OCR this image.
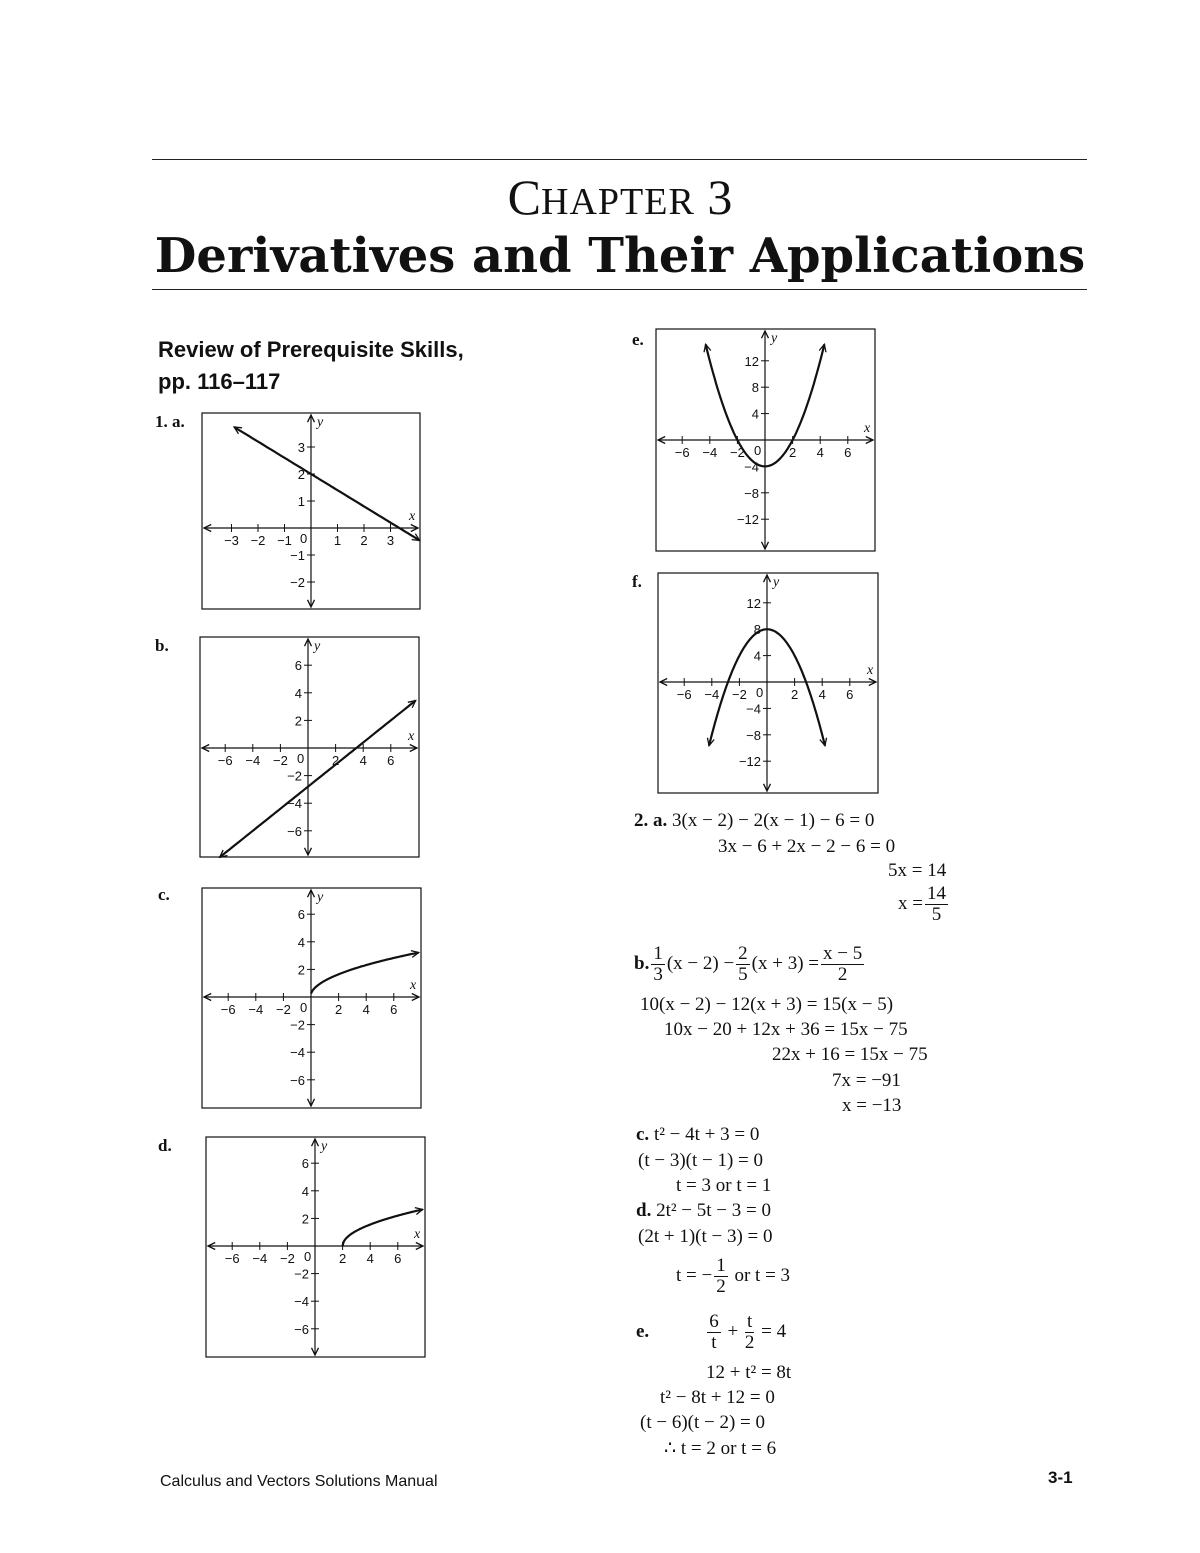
CHAPTER 3
Derivatives and Their Applications
Review of Prerequisite Skills,
pp. 116–117
1. a.
x
y
0
−3 −2 −1	1 2 3
3
2
1
−1
−2
b.
x
y
0
−6 −4 −2	2 4 6
6
4
2
−2
−4
−6
c.
x
y
0
−6 −4 −2	2 4 6
6
4
2
−2
−4
−6
d.
x
y
0
−6 −4 −2	2 4 6
6
4
2
−2
−4
−6
e.
x
y
0
−6 −4 −2	2 4 6
12
8
4
−4
−8
−12
f.
x
y
0
−6 −4 −2	2 4 6
12
8
4
−4
−8
−12
2. a. 3(x − 2) − 2(x − 1) − 6 = 0
3x − 6 + 2x − 2 − 6 = 0
5x = 14
$x = \frac{14}{5}$
b. $\frac{1}{3} (x - 2) - \frac{2}{5} (x + 3) = \frac{x - 5}{2}$
10(x − 2) − 12(x + 3) = 15(x − 5)
10x − 20 + 12x + 36 = 15x − 75
22x + 16 = 15x − 75
7x = −91
x = −13
c. t² − 4t + 3 = 0
(t − 3)(t − 1) = 0
t = 3 or t = 1
d. 2t² − 5t − 3 = 0
(2t + 1)(t − 3) = 0
t = − $\frac{1}{2}$ or t = 3
e.	$\frac{6}{t} + \frac{t}{2} = 4$
12 + t² = 8t
t² − 8t + 12 = 0
(t − 6)(t − 2) = 0
∴ t = 2 or t = 6
Calculus and Vectors Solutions Manual	3-1
